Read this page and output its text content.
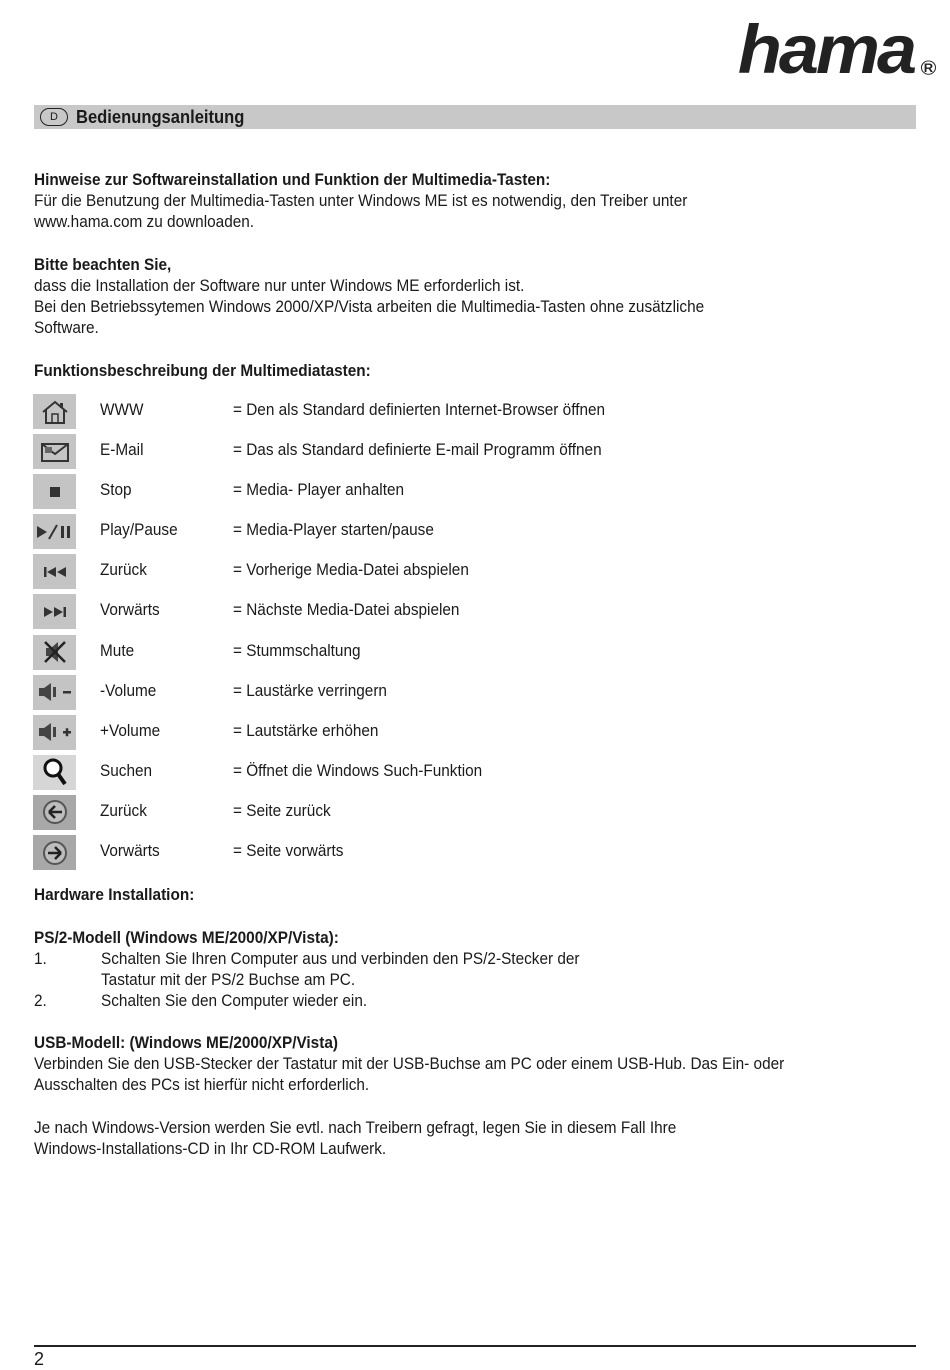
hama R
D	Bedienungsanleitung
Hinweise zur Softwareinstallation und Funktion der Multimedia-Tasten:
Für die Benutzung der Multimedia-Tasten unter Windows ME ist es notwendig, den Treiber unter
www.hama.com zu downloaden.
Bitte beachten Sie,
dass die Installation der Software nur unter Windows ME erforderlich ist.
Bei den Betriebssytemen Windows 2000/XP/Vista arbeiten die Multimedia-Tasten ohne zusätzliche
Software.
Funktionsbeschreibung der Multimediatasten:
WWW	= Den als Standard definierten Internet-Browser öffnen
E-Mail	= Das als Standard definierte E-mail Programm öffnen
Stop	= Media- Player anhalten
Play/Pause	= Media-Player starten/pause
Zurück	= Vorherige Media-Datei abspielen
Vorwärts	= Nächste Media-Datei abspielen
Mute	= Stummschaltung
-Volume	= Laustärke verringern
+Volume	= Lautstärke erhöhen
Suchen	= Öffnet die Windows Such-Funktion
Zurück	= Seite zurück
Vorwärts	= Seite vorwärts
Hardware Installation:
PS/2-Modell (Windows ME/2000/XP/Vista):
1.	Schalten Sie Ihren Computer aus und verbinden den PS/2-Stecker der
Tastatur mit der PS/2 Buchse am PC.
2.	Schalten Sie den Computer wieder ein.
USB-Modell: (Windows ME/2000/XP/Vista)
Verbinden Sie den USB-Stecker der Tastatur mit der USB-Buchse am PC oder einem USB-Hub. Das Ein- oder
Ausschalten des PCs ist hierfür nicht erforderlich.
Je nach Windows-Version werden Sie evtl. nach Treibern gefragt, legen Sie in diesem Fall Ihre
Windows-Installations-CD in Ihr CD-ROM Laufwerk.
2
